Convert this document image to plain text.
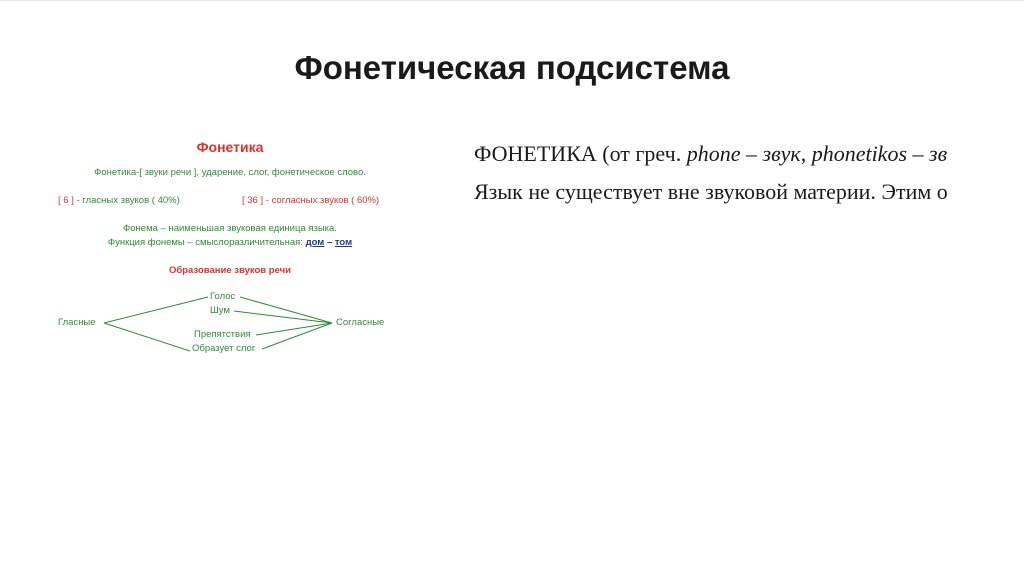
Фонетическая подсистема
Фонетика
Фонетика-[ звуки речи ], ударение, слог, фонетическое слово.
[ 6 ] - гласных звуков ( 40%)	[ 36 ] - согласных звуков ( 60%)
Фонема – наименьшая звуковая единица языка.
Функция фонемы – смыслоразличительная: дом – том
Образование звуков речи
Голос
Шум
Гласные	Согласные
Препятствия
Образует слог
ФОНЕТИКА (от греч. phone – звук, phonetikos – зв
Язык не существует вне звуковой материи. Этим о
